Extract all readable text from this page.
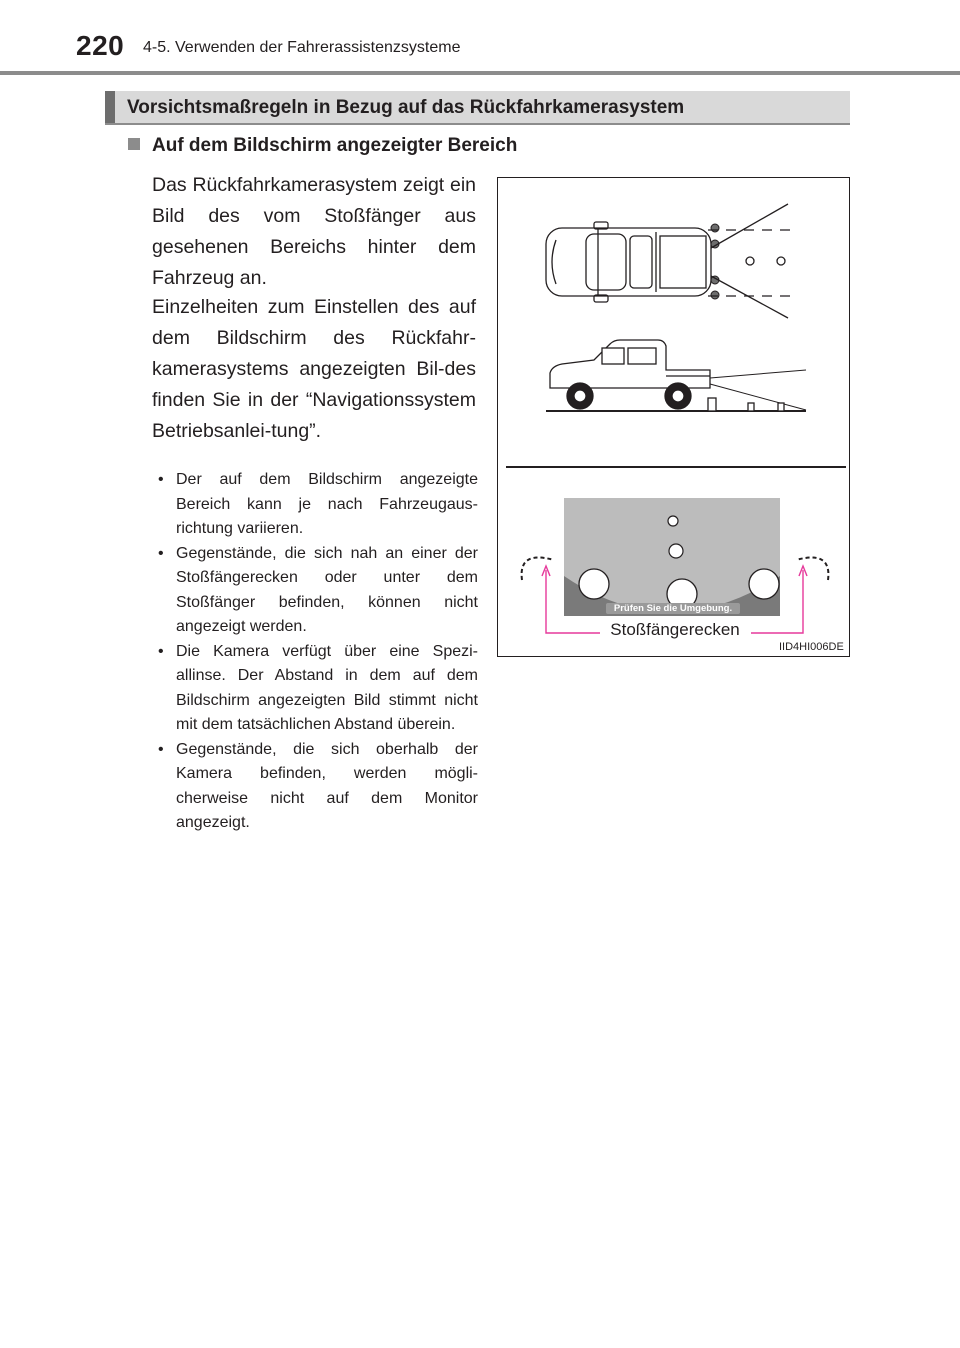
220 4-5. Verwenden der Fahrerassistenzsysteme
Vorsichtsmaßregeln in Bezug auf das Rückfahrkamerasystem
Auf dem Bildschirm angezeigter Bereich
Das Rückfahrkamerasystem zeigt ein Bild des vom Stoßfänger aus gesehenen Bereichs hinter dem Fahrzeug an.
Einzelheiten zum Einstellen des auf dem Bildschirm des Rückfahr-kamerasystems angezeigten Bil-des finden Sie in der “Navigationssystem Betriebsanlei-tung”.
• Der auf dem Bildschirm angezeigte Bereich kann je nach Fahrzeugaus-richtung variieren.
• Gegenstände, die sich nah an einer der Stoßfängerecken oder unter dem Stoßfänger befinden, können nicht angezeigt werden.
• Die Kamera verfügt über eine Spezi-allinse. Der Abstand in dem auf dem Bildschirm angezeigten Bild stimmt nicht mit dem tatsächlichen Abstand überein.
• Gegenstände, die sich oberhalb der Kamera befinden, werden mögli-cherweise nicht auf dem Monitor angezeigt.
Prüfen Sie die Umgebung.
Stoßfängerecken
IID4HI006DE
